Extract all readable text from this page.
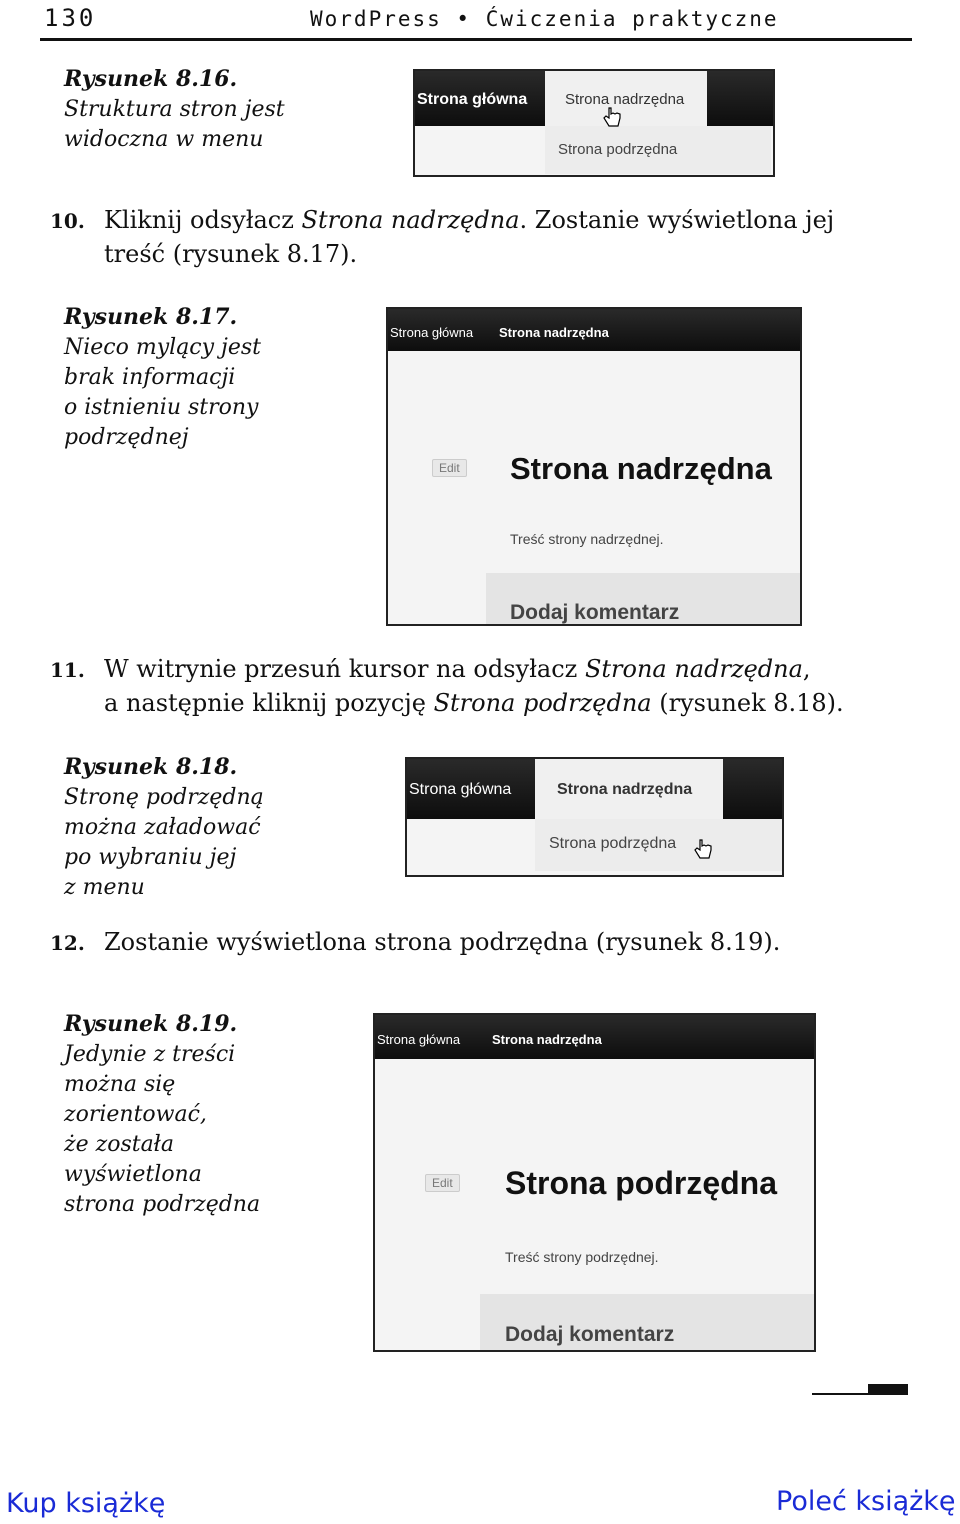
130	WordPress • Ćwiczenia praktyczne
Rysunek 8.16.
Struktura stron jest
widoczna w menu
Strona główna	Strona nadrzędna
Strona podrzędna
10. Kliknij odsyłacz Strona nadrzędna. Zostanie wyświetlona jej
treść (rysunek 8.17).
Rysunek 8.17.
Nieco mylący jest
brak informacji
o istnieniu strony
podrzędnej
Strona główna Strona nadrzędna
Edit Strona nadrzędna
Treść strony nadrzędnej.
Dodaj komentarz
11. W witrynie przesuń kursor na odsyłacz Strona nadrzędna,
a następnie kliknij pozycję Strona podrzędna (rysunek 8.18).
Rysunek 8.18.
Stronę podrzędną
można załadować
po wybraniu jej
z menu
Strona główna	Strona nadrzędna
Strona podrzędna
12. Zostanie wyświetlona strona podrzędna (rysunek 8.19).
Rysunek 8.19.
Jedynie z treści
można się
zorientować,
że została
wyświetlona
strona podrzędna
Strona główna Strona nadrzędna
Edit Strona podrzędna
Treść strony podrzędnej.
Dodaj komentarz
Kup książkę	Poleć książkę
